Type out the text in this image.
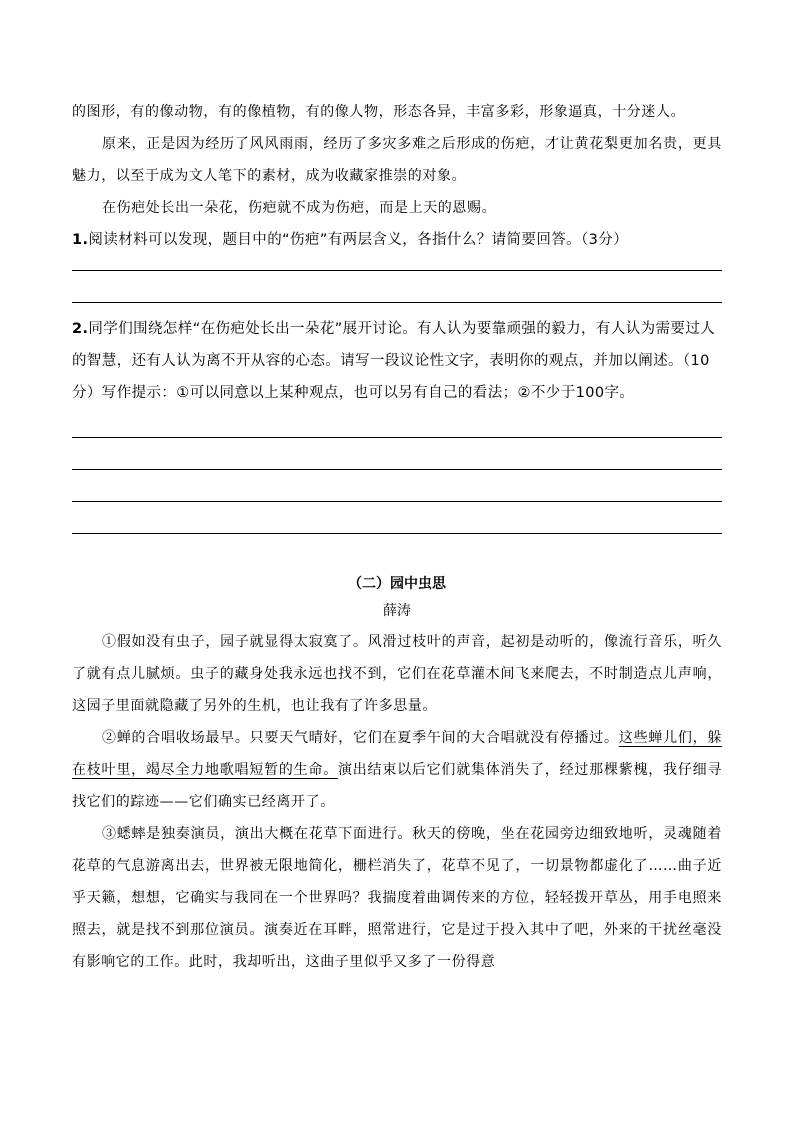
的图形，有的像动物，有的像植物，有的像人物，形态各异，丰富多彩，形象逼真，十分迷人。

原来，正是因为经历了风风雨雨，经历了多灾多难之后形成的伤疤，才让黄花梨更加名贵，更具魅力，以至于成为文人笔下的素材，成为收藏家推崇的对象。

在伤疤处长出一朵花，伤疤就不成为伤疤，而是上天的恩赐。

1.阅读材料可以发现，题目中的“伤疤”有两层含义，各指什么？请简要回答。（3分）

2.同学们围绕怎样“在伤疤处长出一朵花”展开讨论。有人认为要靠顽强的毅力，有人认为需要过人的智慧，还有人认为离不开从容的心态。请写一段议论性文字，表明你的观点，并加以阐述。（10分）写作提示：①可以同意以上某种观点，也可以另有自己的看法；②不少于100字。

（二）园中虫思
薛涛

①假如没有虫子，园子就显得太寂寞了。风滑过枝叶的声音，起初是动听的，像流行音乐，听久了就有点儿腻烦。虫子的藏身处我永远也找不到，它们在花草灌木间飞来爬去，不时制造点儿声响，这园子里面就隐藏了另外的生机，也让我有了许多思量。

②蝉的合唱收场最早。只要天气晴好，它们在夏季午间的大合唱就没有停播过。这些蝉儿们，躲在枝叶里，竭尽全力地歌唱短暂的生命。演出结束以后它们就集体消失了，经过那棵紫槐，我仔细寻找它们的踪迹——它们确实已经离开了。

③蟋蟀是独奏演员，演出大概在花草下面进行。秋天的傍晚，坐在花园旁边细致地听，灵魂随着花草的气息游离出去，世界被无限地简化，栅栏消失了，花草不见了，一切景物都虚化了……曲子近乎天籁，想想，它确实与我同在一个世界吗？我揣度着曲调传来的方位，轻轻拨开草丛，用手电照来照去，就是找不到那位演员。演奏近在耳畔，照常进行，它是过于投入其中了吧，外来的干扰丝毫没有影响它的工作。此时，我却听出，这曲子里似乎又多了一份得意
